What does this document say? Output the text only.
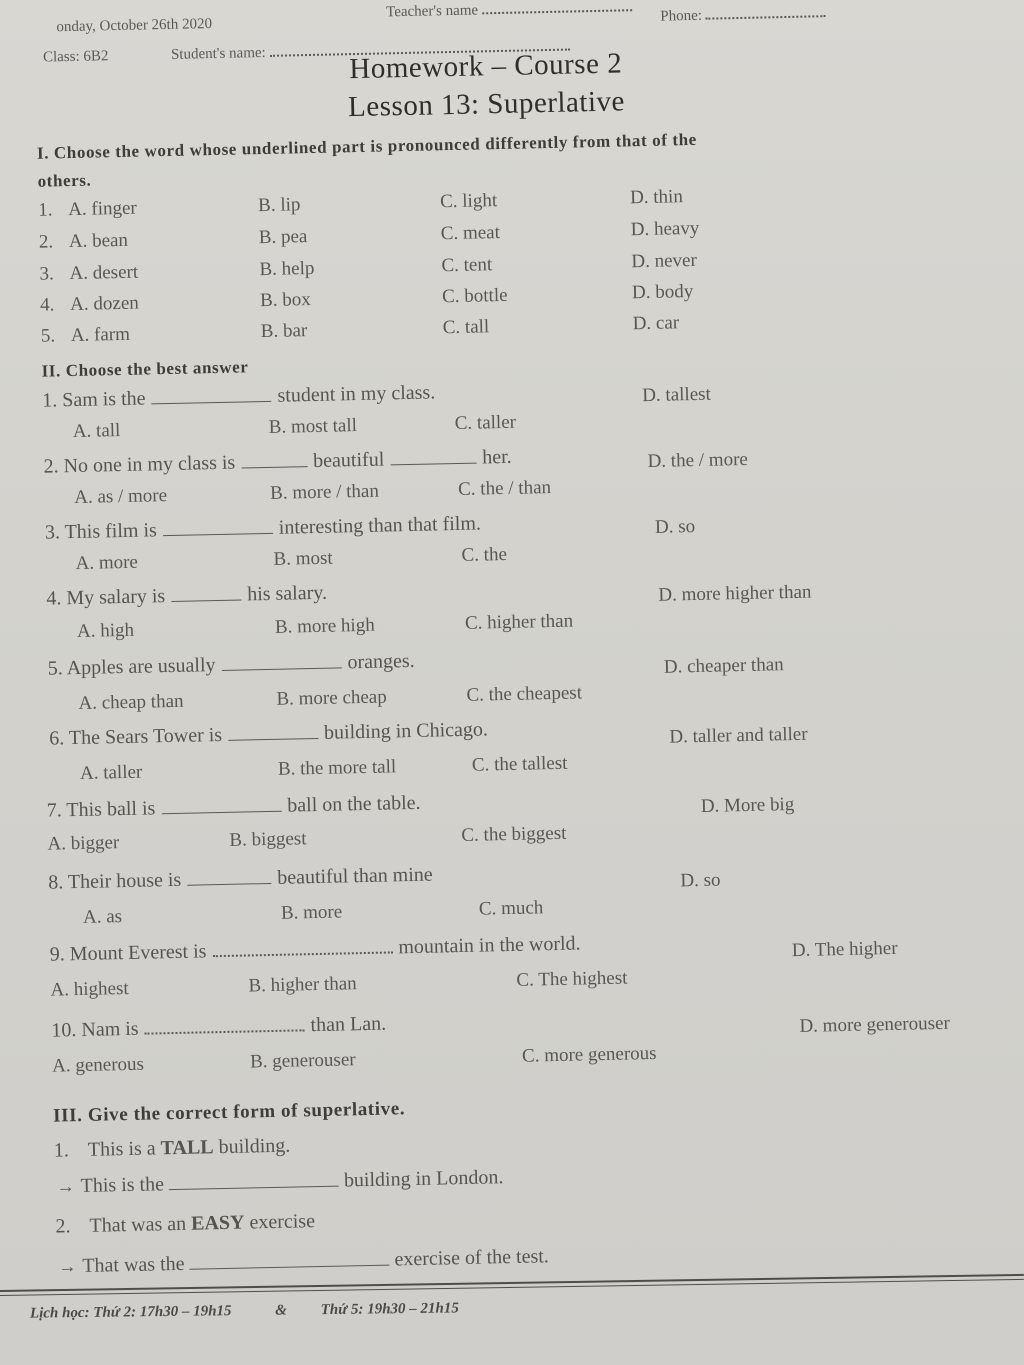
onday, October 26th 2020
Teacher's name	Phone:
Class: 6B2	Student's name:	Homework – Course 2
Lesson 13: Superlative
I. Choose the word whose underlined part is pronounced differently from that of the
others.
1. A. finger	B. lip	C. light	D. thin
2. A. bean	B. pea	C. meat	D. heavy
3. A. desert	B. help	C. tent	D. never
4. A. dozen	B. box	C. bottle	D. body
5. A. farm	B. bar	C. tall	D. car
II. Choose the best answer
1. Sam is the	student in my class.
A. tall	B. most tall	C. taller
D. tallest
2. No one in my class is	beautiful	her.
A. as / more	B. more / than	C. the / than
D. the / more
3. This film is	interesting than that film.
A. more	B. most	C. the
D. so
4. My salary is	his salary.
A. high	B. more high	C. higher than
D. more higher than
5. Apples are usually	oranges.
A. cheap than	B. more cheap	C. the cheapest
D. cheaper than
6. The Sears Tower is	building in Chicago.
A. taller	B. the more tall	C. the tallest
D. taller and taller
7. This ball is	ball on the table.
A. bigger	B. biggest	C. the biggest
D. More big
8. Their house is	beautiful than mine
A. as	B. more	C. much
D. so
9. Mount Everest is	mountain in the world.
A. highest	B. higher than	C. The highest
D. The higher
10. Nam is	than Lan.
A. generous	B. generouser	C. more generous
D. more generouser
III. Give the correct form of superlative.
1. This is a TALL building.
→ This is the	building in London.
2. That was an EASY exercise
→ That was the	exercise of the test.
Lịch học: Thứ 2: 17h30 – 19h15	& Thứ 5: 19h30 – 21h15
